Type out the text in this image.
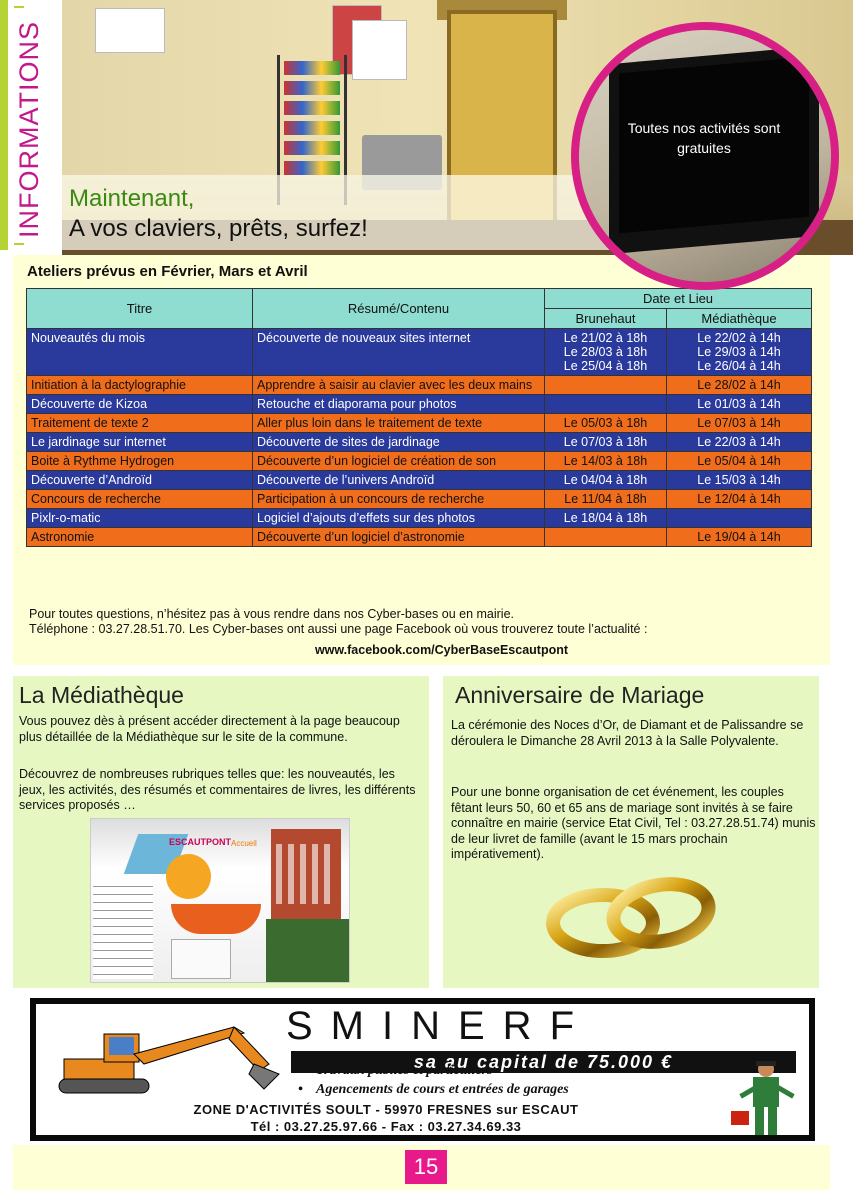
INFORMATIONS Maintenant,
A vos claviers, prêts, surfez!
Toutes nos activités sont gratuites
Ateliers prévus en Février, Mars et Avril
Titre	Résumé/Contenu	Date et Lieu	
		Brunehaut	Médiathèque
Nouveautés du mois	Découverte de nouveaux sites internet	Le 21/02 à 18h
Le 28/03 à 18h
Le 25/04 à 18h	Le 22/02 à 14h
Le 29/03 à 14h
Le 26/04 à 14h
Initiation à la dactylographie	Apprendre à saisir au clavier avec les deux mains		Le 28/02 à 14h
Découverte de Kizoa	Retouche et diaporama pour photos		Le 01/03 à 14h
Traitement de texte 2	Aller plus loin dans le traitement de texte	Le 05/03 à 18h	Le 07/03 à 14h
Le jardinage sur internet	Découverte de sites de jardinage	Le 07/03 à 18h	Le 22/03 à 14h
Boite à Rythme Hydrogen	Découverte d’un logiciel de création de son	Le 14/03 à 18h	Le 05/04 à 14h
Découverte d’Androïd	Découverte de l’univers Androïd	Le 04/04 à 18h	Le 15/03 à 14h
Concours de recherche	Participation à un concours de recherche	Le 11/04 à 18h	Le 12/04 à 14h
Pixlr-o-matic	Logiciel d’ajouts d’effets sur des photos	Le 18/04 à 18h	
Astronomie	Découverte d’un logiciel d’astronomie		Le 19/04 à 14h
Pour toutes questions, n’hésitez pas à vous rendre dans nos Cyber-bases ou en mairie.
Téléphone : 03.27.28.51.70. Les Cyber-bases ont aussi une page Facebook où vous trouverez toute l’actualité :
www.facebook.com/CyberBaseEscautpont
La Médiathèque

Vous pouvez dès à présent accéder directement à la page beaucoup plus détaillée de la Médiathèque sur le site de la commune.

Découvrez de nombreuses rubriques telles que: les nouveautés, les jeux, les activités, des résumés et commentaires de livres, les différents services proposés …

ESCAUTPONT Accueil
Anniversaire de Mariage

La cérémonie des Noces d’Or, de Diamant et de Palissandre se déroulera le Dimanche 28 Avril 2013 à la Salle Polyvalente.

Pour une bonne organisation de cet événement, les couples fêtant leurs 50, 60 et 65 ans de mariage sont invités à se faire connaître en mairie (service Etat Civil, Tel : 03.27.28.51.74) munis de leur livret de famille (avant le 15 mars prochain impérativement).

SMINERF
sa au capital de 75.000 €
• Travaux publics et particuliers
• Agencements de cours et entrées de garages
ZONE D'ACTIVITÉS SOULT - 59970 FRESNES sur ESCAUT
Tél : 03.27.25.97.66 - Fax : 03.27.34.69.33
15
